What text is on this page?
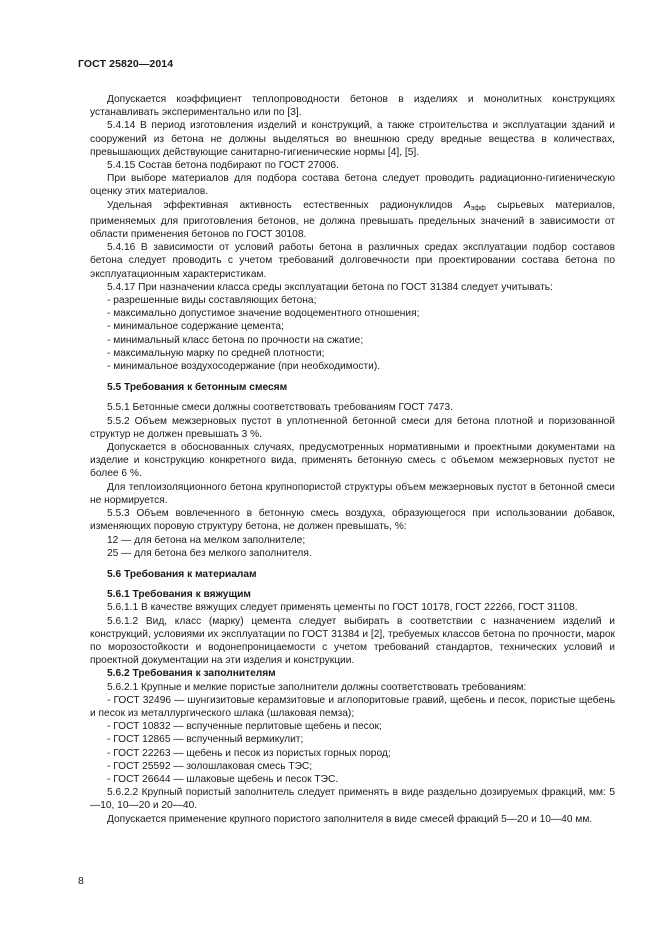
ГОСТ 25820—2014

Допускается коэффициент теплопроводности бетонов в изделиях и монолитных конструкциях устанавливать экспериментально или по [3].

5.4.14 В период изготовления изделий и конструкций, а также строительства и эксплуатации зданий и сооружений из бетона не должны выделяться во внешнюю среду вредные вещества в количествах, превышающих действующие санитарно-гигиенические нормы [4], [5].

5.4.15 Состав бетона подбирают по ГОСТ 27006.

При выборе материалов для подбора состава бетона следует проводить радиационно-гигиеническую оценку этих материалов.

Удельная эффективная активность естественных радионуклидов $A_{эфф}$ сырьевых материалов, применяемых для приготовления бетонов, не должна превышать предельных значений в зависимости от области применения бетонов по ГОСТ 30108.

5.4.16 В зависимости от условий работы бетона в различных средах эксплуатации подбор составов бетона следует проводить с учетом требований долговечности при проектировании состава бетона по эксплуатационным характеристикам.

5.4.17 При назначении класса среды эксплуатации бетона по ГОСТ 31384 следует учитывать:

- разрешенные виды составляющих бетона;

- максимально допустимое значение водоцементного отношения;

- минимальное содержание цемента;

- минимальный класс бетона по прочности на сжатие;

- максимальную марку по средней плотности;

- минимальное воздухосодержание (при необходимости).

5.5 Требования к бетонным смесям

5.5.1 Бетонные смеси должны соответствовать требованиям ГОСТ 7473.

5.5.2 Объем межзерновых пустот в уплотненной бетонной смеси для бетона плотной и поризованной структур не должен превышать 3 %.

Допускается в обоснованных случаях, предусмотренных нормативными и проектными документами на изделие и конструкцию конкретного вида, применять бетонную смесь с объемом межзерновых пустот не более 6 %.

Для теплоизоляционного бетона крупнопористой структуры объем межзерновых пустот в бетонной смеси не нормируется.

5.5.3 Объем вовлеченного в бетонную смесь воздуха, образующегося при использовании добавок, изменяющих поровую структуру бетона, не должен превышать, %:

12 — для бетона на мелком заполнителе;

25 — для бетона без мелкого заполнителя.

5.6 Требования к материалам

5.6.1 Требования к вяжущим

5.6.1.1 В качестве вяжущих следует применять цементы по ГОСТ 10178, ГОСТ 22266, ГОСТ 31108.

5.6.1.2 Вид, класс (марку) цемента следует выбирать в соответствии с назначением изделий и конструкций, условиями их эксплуатации по ГОСТ 31384 и [2], требуемых классов бетона по прочности, марок по морозостойкости и водонепроницаемости с учетом требований стандартов, технических условий и проектной документации на эти изделия и конструкции.

5.6.2 Требования к заполнителям

5.6.2.1 Крупные и мелкие пористые заполнители должны соответствовать требованиям:

- ГОСТ 32496 — шунгизитовые керамзитовые и аглопоритовые гравий, щебень и песок, пористые щебень и песок из металлургического шлака (шлаковая пемза);

- ГОСТ 10832 — вспученные перлитовые щебень и песок;

- ГОСТ 12865 — вспученный вермикулит;

- ГОСТ 22263 — щебень и песок из пористых горных пород;

- ГОСТ 25592 — золошлаковая смесь ТЭС;

- ГОСТ 26644 — шлаковые щебень и песок ТЭС.

5.6.2.2 Крупный пористый заполнитель следует применять в виде раздельно дозируемых фракций, мм: 5—10, 10—20 и 20—40.

Допускается применение крупного пористого заполнителя в виде смесей фракций 5—20 и 10—40 мм.

8
